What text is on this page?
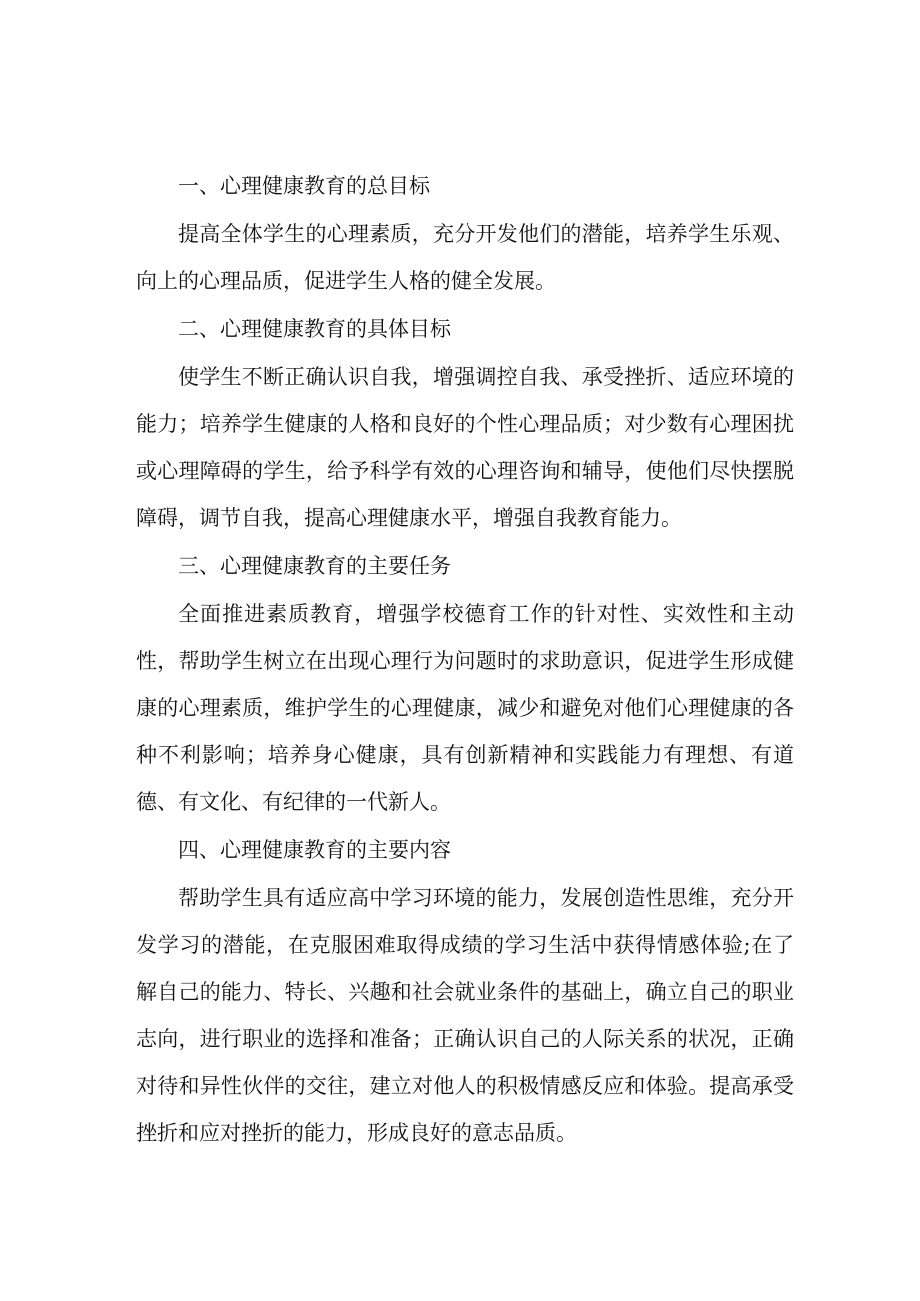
一、心理健康教育的总目标

提高全体学生的心理素质，充分开发他们的潜能，培养学生乐观、向上的心理品质，促进学生人格的健全发展。

二、心理健康教育的具体目标

使学生不断正确认识自我，增强调控自我、承受挫折、适应环境的能力；培养学生健康的人格和良好的个性心理品质；对少数有心理困扰或心理障碍的学生，给予科学有效的心理咨询和辅导，使他们尽快摆脱障碍，调节自我，提高心理健康水平，增强自我教育能力。

三、心理健康教育的主要任务

全面推进素质教育，增强学校德育工作的针对性、实效性和主动性，帮助学生树立在出现心理行为问题时的求助意识，促进学生形成健康的心理素质，维护学生的心理健康，减少和避免对他们心理健康的各种不利影响；培养身心健康，具有创新精神和实践能力有理想、有道德、有文化、有纪律的一代新人。

四、心理健康教育的主要内容

帮助学生具有适应高中学习环境的能力，发展创造性思维，充分开发学习的潜能，在克服困难取得成绩的学习生活中获得情感体验;在了解自己的能力、特长、兴趣和社会就业条件的基础上，确立自己的职业志向，进行职业的选择和准备；正确认识自己的人际关系的状况，正确对待和异性伙伴的交往，建立对他人的积极情感反应和体验。提高承受挫折和应对挫折的能力，形成良好的意志品质。
